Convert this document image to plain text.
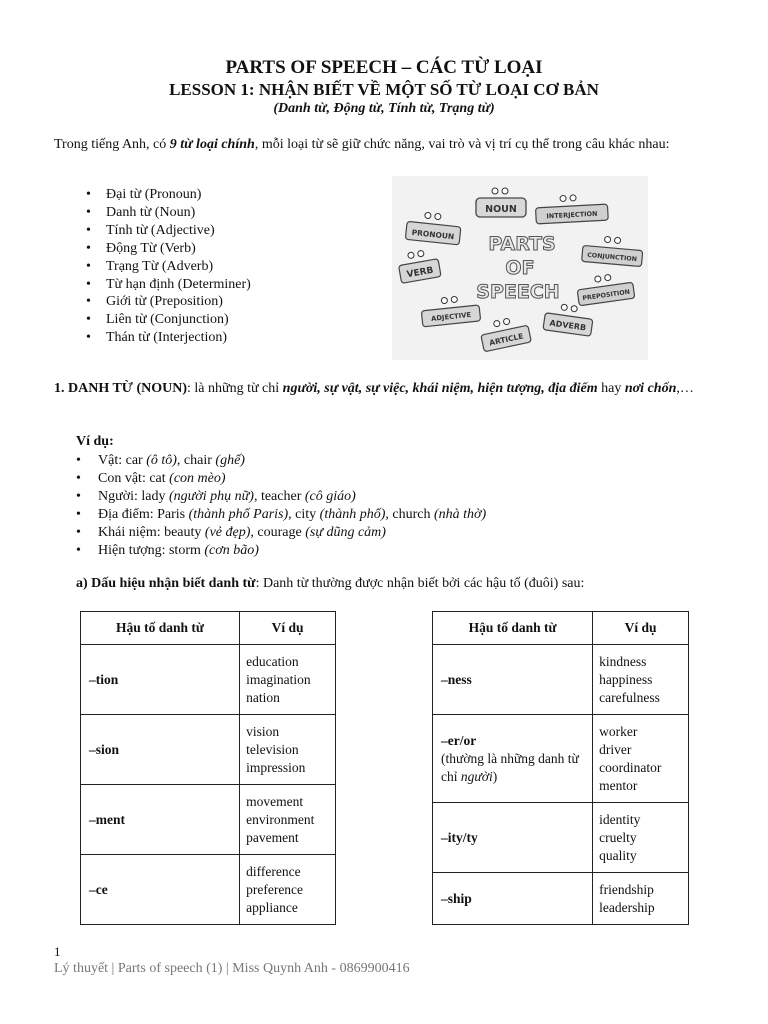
PARTS OF SPEECH – CÁC TỪ LOẠI
LESSON 1: NHẬN BIẾT VỀ MỘT SỐ TỪ LOẠI CƠ BẢN
(Danh từ, Động từ, Tính từ, Trạng từ)
Trong tiếng Anh, có 9 từ loại chính, mỗi loại từ sẽ giữ chức năng, vai trò và vị trí cụ thể trong câu khác nhau:
• Đại từ (Pronoun)
• Danh từ (Noun)
• Tính từ (Adjective)
• Động Từ (Verb)
• Trạng Từ (Adverb)
• Từ hạn định (Determiner)
• Giới từ (Preposition)
• Liên từ (Conjunction)
• Thán từ (Interjection)
NOUN
INTERJECTION
PRONOUN
CONJUNCTION
VERB
PARTS
OF
SPEECH	PREPOSITION
ADJECTIVE
ADVERB
ARTICLE
1. DANH TỪ (NOUN): là những từ chỉ người, sự vật, sự việc, khái niệm, hiện tượng, địa điểm hay nơi chốn,…
Ví dụ:
• Vật: car (ô tô), chair (ghế)
• Con vật: cat (con mèo)
• Người: lady (người phụ nữ), teacher (cô giáo)
• Địa điểm: Paris (thành phố Paris), city (thành phố), church (nhà thờ)
• Khái niệm: beauty (vẻ đẹp), courage (sự dũng cảm)
• Hiện tượng: storm (cơn bão)
a) Dấu hiệu nhận biết danh từ: Danh từ thường được nhận biết bởi các hậu tố (đuôi) sau:
Hậu tố danh từ	Ví dụ
–tion	education
imagination
nation

–sion	vision
television
impression

–ment	movement
environment
pavement

–ce	difference
preference
appliance
Hậu tố danh từ	Ví dụ
–ness	kindness
happiness
carefulness

–er/or
(thường là những danh từ chỉ người)	worker
driver
coordinator
mentor

–ity/ty	identity
cruelty
quality

–ship	friendship
leadership
1
Lý thuyết | Parts of speech (1) | Miss Quynh Anh - 0869900416
